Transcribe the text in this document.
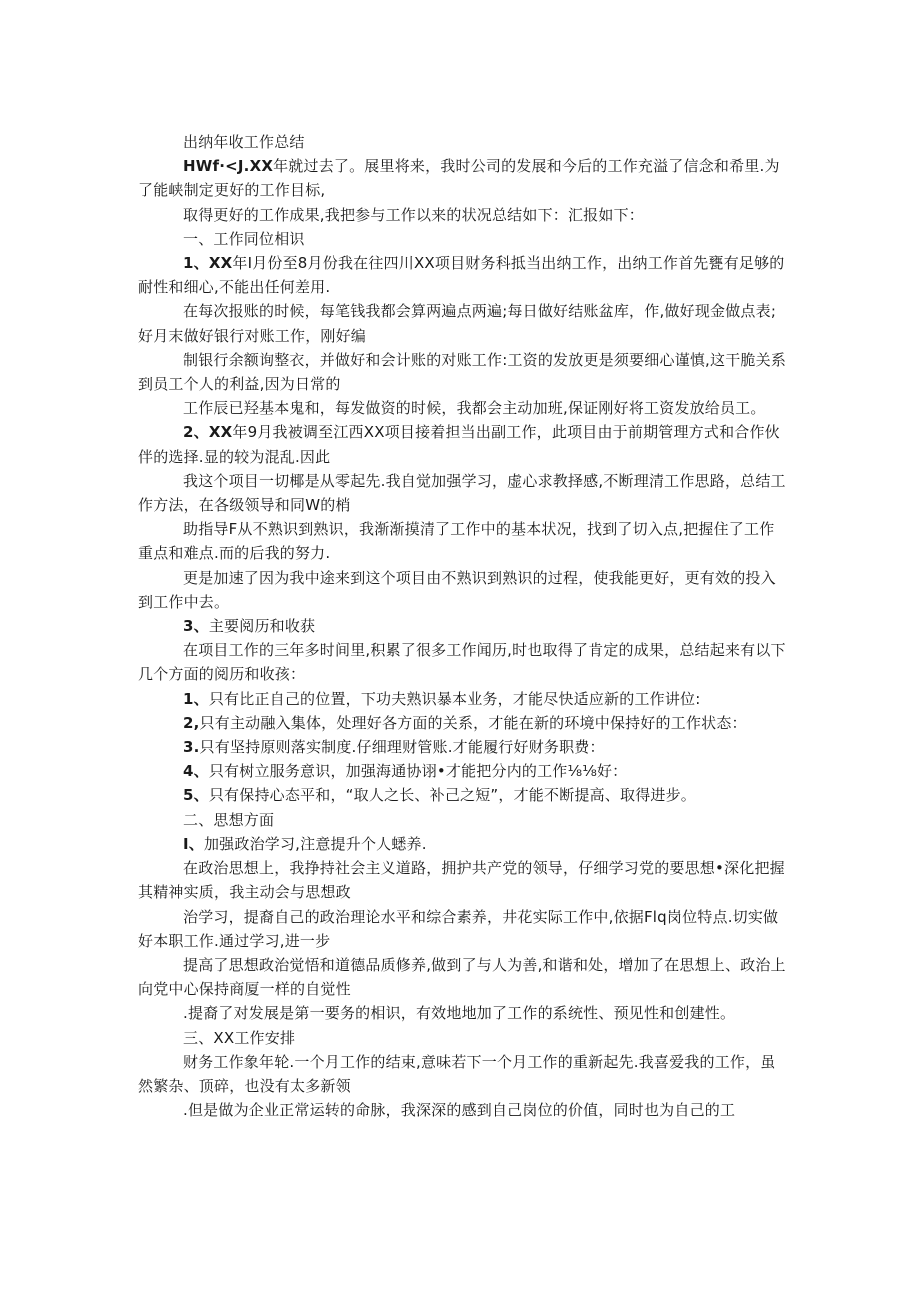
出纳年收工作总结

HWf·<J.XX年就过去了。展里将来，我时公司的发展和今后的工作充溢了信念和希里.为了能峡制定更好的工作目标,

取得更好的工作成果,我把参与工作以来的状况总结如下：汇报如下：

一、工作同位相识

1、XX年I月份至8月份我在往四川XX项目财务科抵当出纳工作，出纳工作首先甕有足够的耐性和细心,不能出任何差用.

在每次报账的时候，每笔钱我都会算两遍点两遍;每日做好结账盆库，作,做好现金做点表;好月末做好银行对账工作，刚好编

制银行余额询整衣，并做好和会计账的对账工作:工资的发放更是须要细心谨慎,这干脆关系到员工个人的利益,因为日常的

工作辰已羟基本鬼和，每发做资的时候，我都会主动加班,保证刚好将工资发放给员工。

2、XX年9月我被调至江西XX项目接着担当出副工作，此项目由于前期管理方式和合作伙伴的选择.显的较为混乱.因此

我这个项目一切椰是从零起先.我自觉加强学习，虚心求教择感,不断理清工作思路，总结工作方法，在各级领导和同W的梢

助指导F从不熟识到熟识，我渐渐摸清了工作中的基本状况，找到了切入点,把握住了工作重点和难点.而的后我的努力.

更是加速了因为我中途来到这个项目由不熟识到熟识的过程，使我能更好，更有效的投入到工作中去。

3、主要阅历和收获

在项目工作的三年多时间里,积累了很多工作闻历,时也取得了肯定的成果，总结起来有以下几个方面的阅历和收孩：

1、只有比正自己的位置，下功夫熟识暴本业务，才能尽快适应新的工作讲位:

2,只有主动融入集体，处理好各方面的关系，才能在新的环境中保持好的工作状态：

3.只有坚持原则落实制度.仔细理财管账.才能履行好财务职费：

4、只有树立服务意识，加强海通协诩•才能把分内的工作⅛⅛好：

5、只有保持心态平和，“取人之长、补己之短”，才能不断提高、取得进步。

二、思想方面

I、加强政治学习,注意提升个人蟋养.

在政治思想上，我挣持社会主义道路，拥护共产党的领导，仔细学习党的要思想•深化把握其精神实质，我主动会与思想政

治学习，提裔自己的政治理论水平和综合素养，井花实际工作中,依据Flq岗位特点.切实做好本职工作.通过学习,进一步

提高了思想政治觉悟和道德品质修养,做到了与人为善,和谐和处，增加了在思想上、政治上向党中心保持商厦一样的自觉性

.提裔了对发展是第一要务的相识，有效地地加了工作的系统性、预见性和创建性。

三、XX工作安排

财务工作象年轮.一个月工作的结束,意味若下一个月工作的重新起先.我喜爱我的工作，虽然繁杂、顶碎，也没有太多新领

.但是做为企业正常运转的命脉，我深深的感到自己岗位的价值，同时也为自己的工
